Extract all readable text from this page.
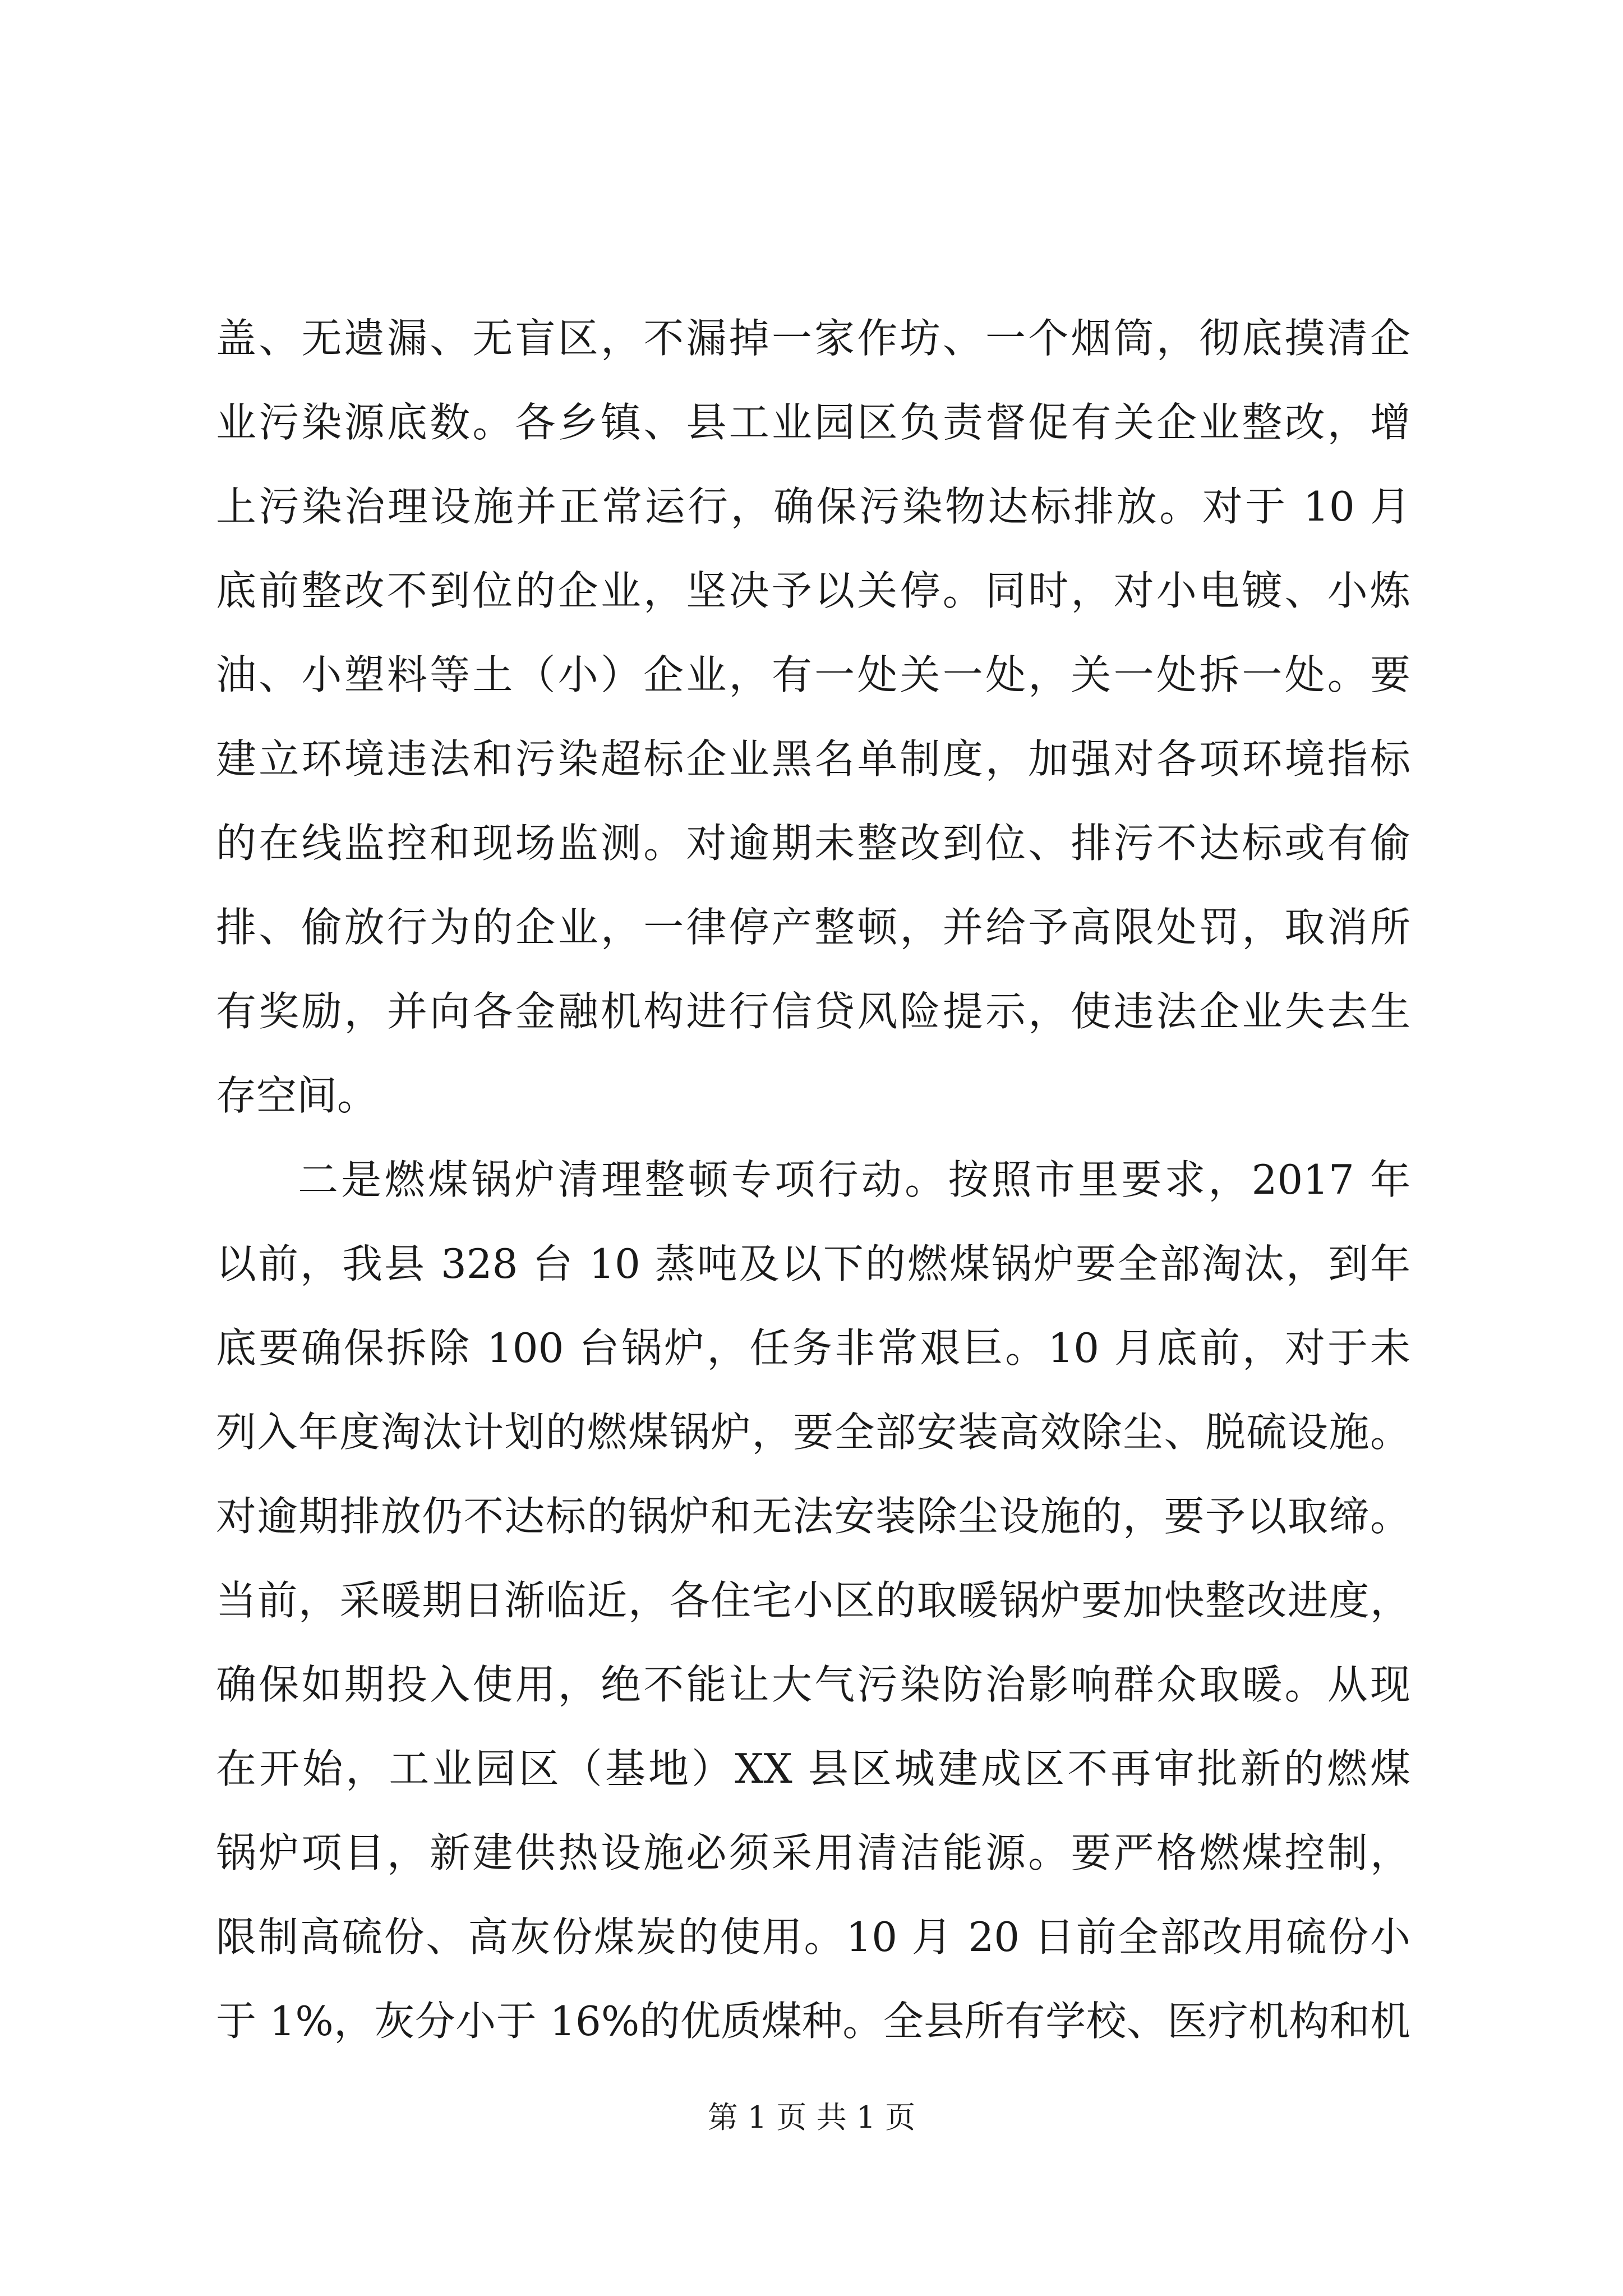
盖、无遗漏、无盲区，不漏掉一家作坊、一个烟筒，彻底摸清企
业污染源底数。各乡镇、县工业园区负责督促有关企业整改，增
上污染治理设施并正常运行，确保污染物达标排放。对于 10 月
底前整改不到位的企业，坚决予以关停。同时，对小电镀、小炼
油、小塑料等土（小）企业，有一处关一处，关一处拆一处。要
建立环境违法和污染超标企业黑名单制度，加强对各项环境指标
的在线监控和现场监测。对逾期未整改到位、排污不达标或有偷
排、偷放行为的企业，一律停产整顿，并给予高限处罚，取消所
有奖励，并向各金融机构进行信贷风险提示，使违法企业失去生
存空间。
二是燃煤锅炉清理整顿专项行动。按照市里要求，2017 年
以前，我县 328 台 10 蒸吨及以下的燃煤锅炉要全部淘汰，到年
底要确保拆除 100 台锅炉，任务非常艰巨。10 月底前，对于未
列入年度淘汰计划的燃煤锅炉，要全部安装高效除尘、脱硫设施。
对逾期排放仍不达标的锅炉和无法安装除尘设施的，要予以取缔。
当前，采暖期日渐临近，各住宅小区的取暖锅炉要加快整改进度，
确保如期投入使用，绝不能让大气污染防治影响群众取暖。从现
在开始，工业园区（基地）XX 县区城建成区不再审批新的燃煤
锅炉项目，新建供热设施必须采用清洁能源。要严格燃煤控制，
限制高硫份、高灰份煤炭的使用。10 月 20 日前全部改用硫份小
于 1%，灰分小于 16%的优质煤种。全县所有学校、医疗机构和机
第 1 页 共 1 页
